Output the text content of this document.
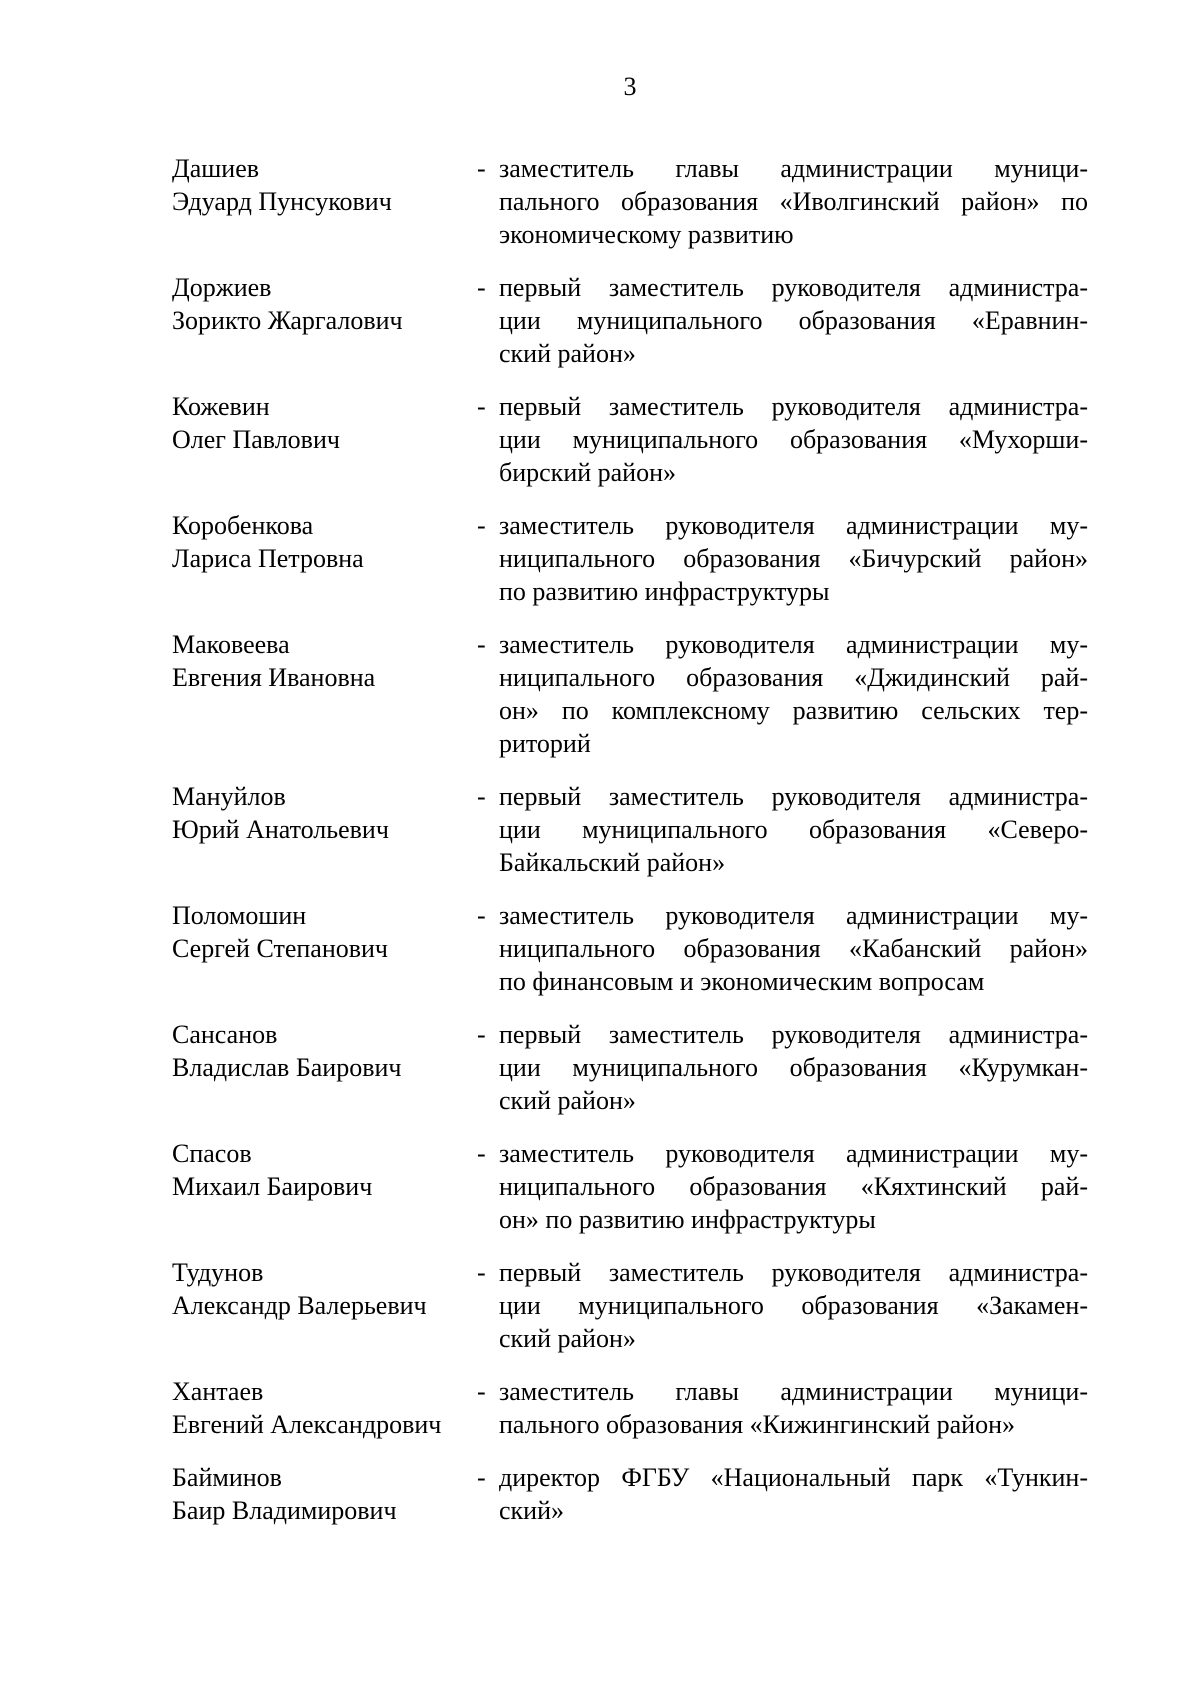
3
Дашиев
Эдуард Пунсукович
- заместитель главы администрации муници-
пального образования «Иволгинский район» по
экономическому развитию
Доржиев
Зорикто Жаргалович
- первый заместитель руководителя администра-
ции муниципального образования «Еравнин-
ский район»
Кожевин
Олег Павлович
- первый заместитель руководителя администра-
ции муниципального образования «Мухорши-
бирский район»
Коробенкова
Лариса Петровна
- заместитель руководителя администрации му-
ниципального образования «Бичурский район»
по развитию инфраструктуры
Маковеева
Евгения Ивановна
- заместитель руководителя администрации му-
ниципального образования «Джидинский рай-
он» по комплексному развитию сельских тер-
риторий
Мануйлов
Юрий Анатольевич
- первый заместитель руководителя администра-
ции муниципального образования «Северо-
Байкальский район»
Поломошин
Сергей Степанович
- заместитель руководителя администрации му-
ниципального образования «Кабанский район»
по финансовым и экономическим вопросам
Сансанов
Владислав Баирович
- первый заместитель руководителя администра-
ции муниципального образования «Курумкан-
ский район»
Спасов
Михаил Баирович
- заместитель руководителя администрации му-
ниципального образования «Кяхтинский рай-
он» по развитию инфраструктуры
Тудунов
Александр Валерьевич
- первый заместитель руководителя администра-
ции муниципального образования «Закамен-
ский район»
Хантаев
Евгений Александрович
- заместитель главы администрации муници-
пального образования «Кижингинский район»
Байминов
Баир Владимирович
- директор ФГБУ «Национальный парк «Тункин-
ский»
